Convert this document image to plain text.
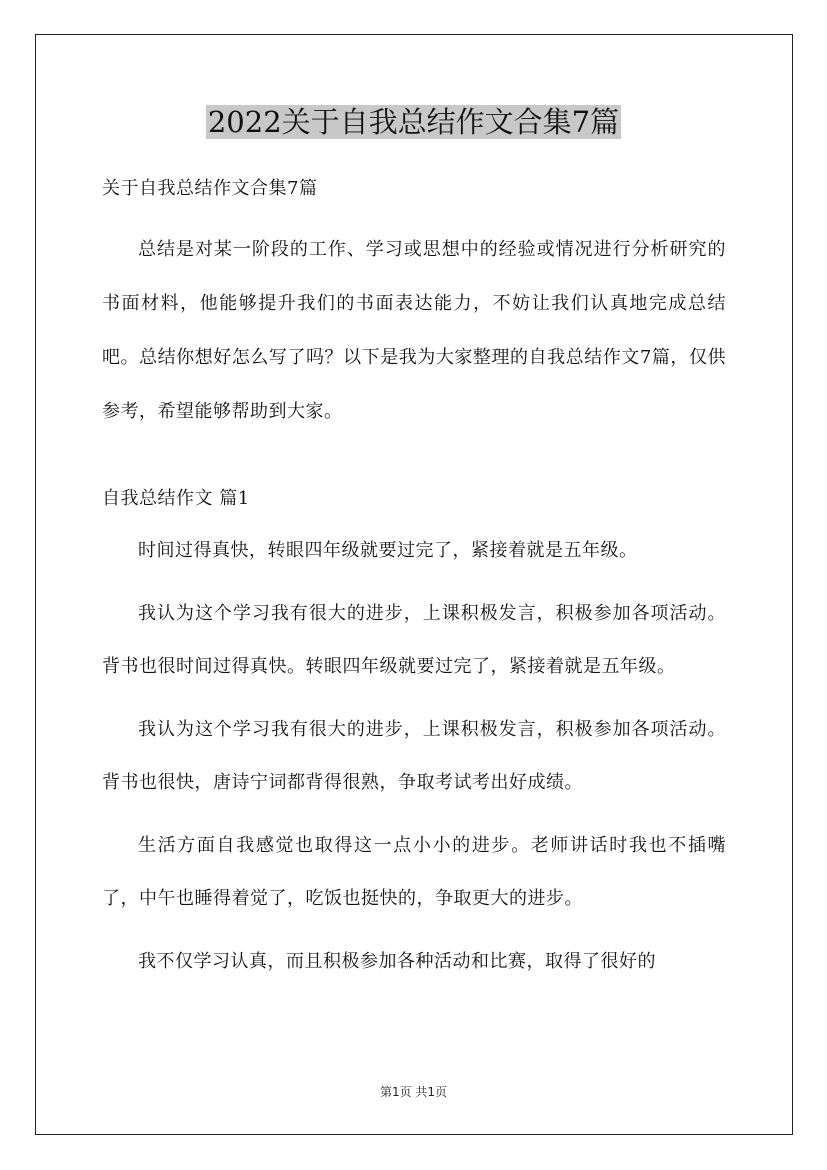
2022关于自我总结作文合集7篇

关于自我总结作文合集7篇

总结是对某一阶段的工作、学习或思想中的经验或情况进行分析研究的书面材料，他能够提升我们的书面表达能力，不妨让我们认真地完成总结吧。总结你想好怎么写了吗？以下是我为大家整理的自我总结作文7篇，仅供参考，希望能够帮助到大家。

自我总结作文 篇1

时间过得真快，转眼四年级就要过完了，紧接着就是五年级。

我认为这个学习我有很大的进步，上课积极发言，积极参加各项活动。背书也很时间过得真快。转眼四年级就要过完了，紧接着就是五年级。

我认为这个学习我有很大的进步，上课积极发言，积极参加各项活动。背书也很快，唐诗宁词都背得很熟，争取考试考出好成绩。

生活方面自我感觉也取得这一点小小的进步。老师讲话时我也不插嘴了，中午也睡得着觉了，吃饭也挺快的，争取更大的进步。

我不仅学习认真，而且积极参加各种活动和比赛，取得了很好的

第1页 共1页
